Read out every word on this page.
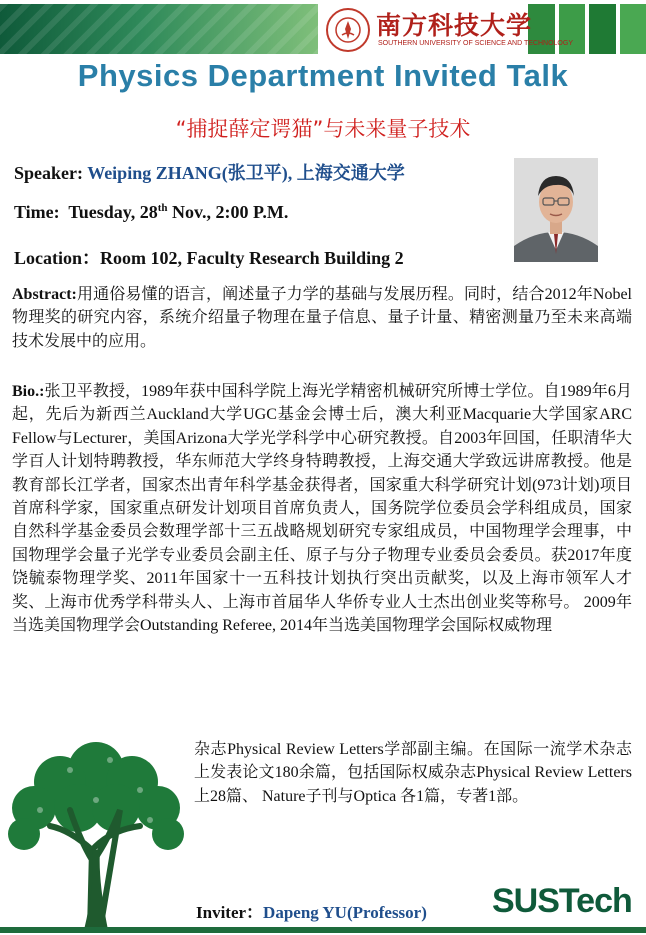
南方科技大学
SOUTHERN UNIVERSITY OF SCIENCE AND TECHNOLOGY
Physics Department Invited Talk
“捕捉薛定谔猫”与未来量子技术
Speaker: Weiping ZHANG(张卫平), 上海交通大学
Time: Tuesday, 28th Nov., 2:00 P.M.
Location：Room 102, Faculty Research Building 2
Abstract:用通俗易懂的语言，阐述量子力学的基础与发展历程。同时，结合2012年Nobel物理奖的研究内容，系统介绍量子物理在量子信息、量子计量、精密测量乃至未来高端技术发展中的应用。
Bio.:张卫平教授，1989年获中国科学院上海光学精密机械研究所博士学位。自1989年6月起，先后为新西兰Auckland大学UGC基金会博士后，澳大利亚Macquarie大学国家ARC Fellow与Lecturer，美国Arizona大学光学科学中心研究教授。自2003年回国，任职清华大学百人计划特聘教授，华东师范大学终身特聘教授，上海交通大学致远讲席教授。他是教育部长江学者，国家杰出青年科学基金获得者，国家重大科学研究计划(973计划)项目首席科学家，国家重点研发计划项目首席负责人，国务院学位委员会学科组成员，国家自然科学基金委员会数理学部十三五战略规划研究专家组成员，中国物理学会理事，中国物理学会量子光学专业委员会副主任、原子与分子物理专业委员会委员。获2017年度饶毓泰物理学奖、2011年国家十一五科技计划执行突出贡献奖，以及上海市领军人才奖、上海市优秀学科带头人、上海市首届华人华侨专业人士杰出创业奖等称号。 2009年当选美国物理学会Outstanding Referee, 2014年当选美国物理学会国际权威物理
杂志Physical Review Letters学部副主编。在国际一流学术杂志上发表论文180余篇，包括国际权威杂志Physical Review Letters上28篇、 Nature子刊与Optica 各1篇，专著1部。
Inviter：Dapeng YU(Professor) SUSTech
